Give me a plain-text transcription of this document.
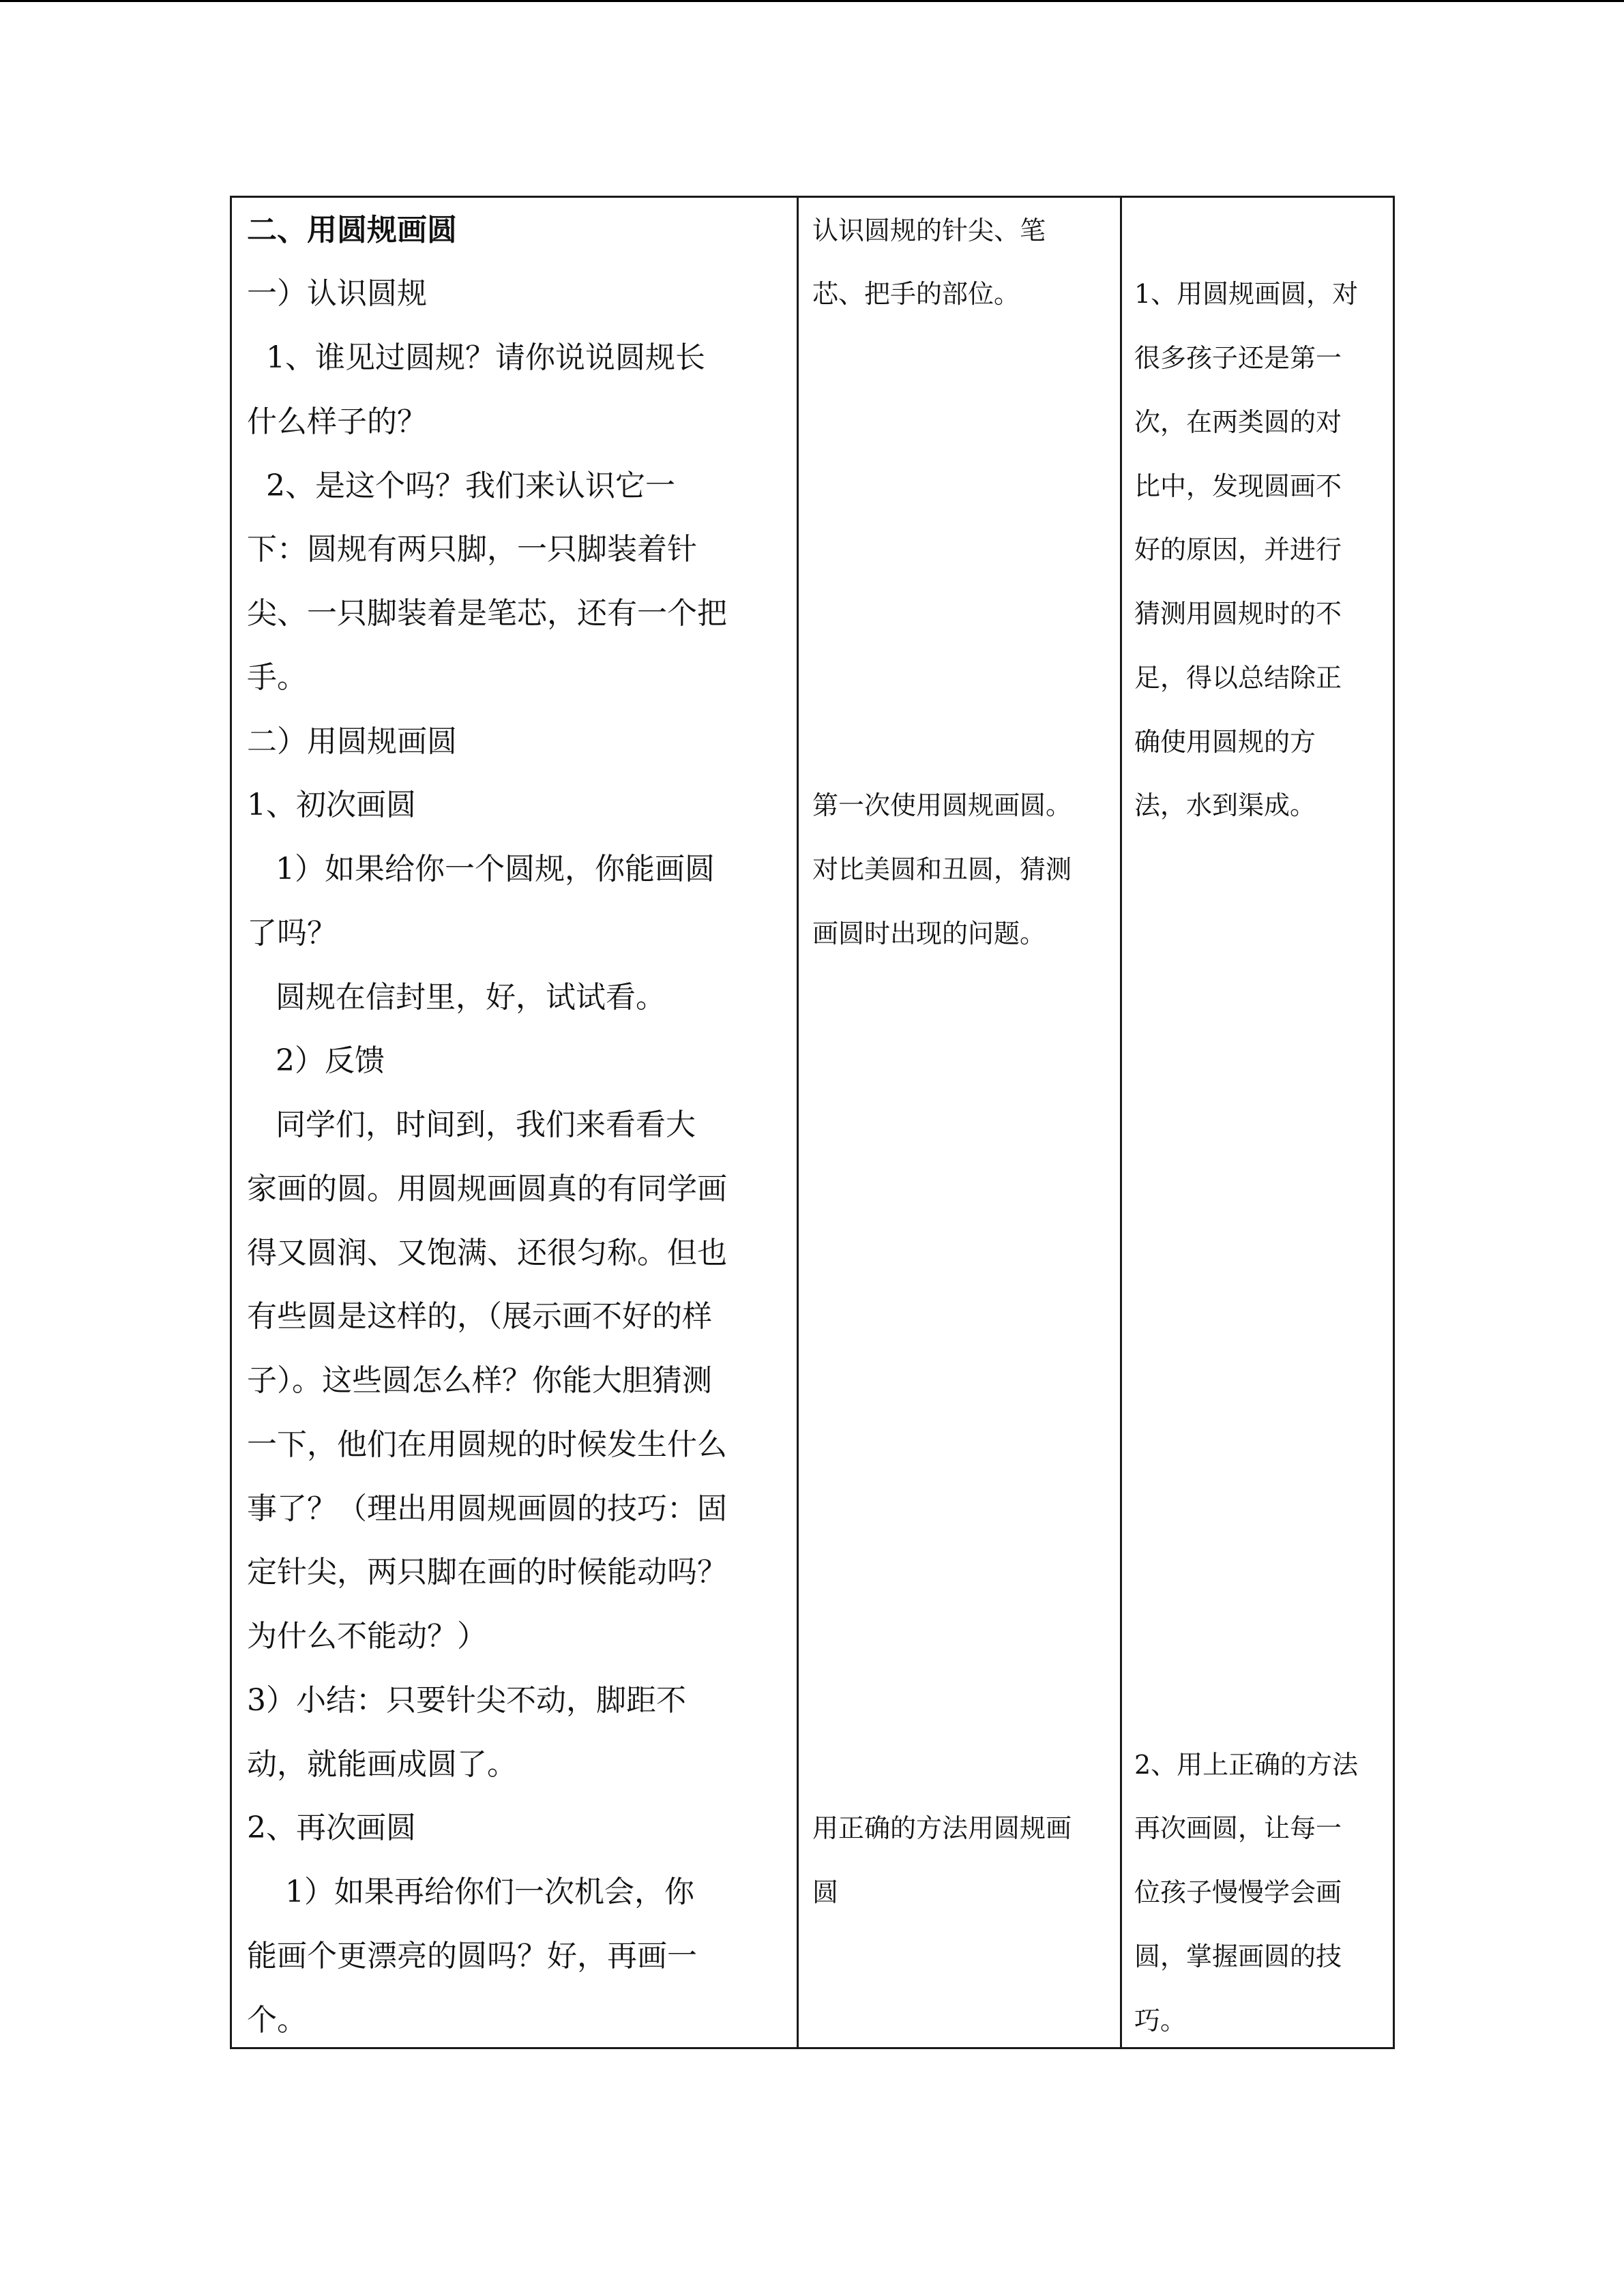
二、用圆规画圆
一）认识圆规
1、谁见过圆规？请你说说圆规长
什么样子的？
2、是这个吗？我们来认识它一
下：圆规有两只脚，一只脚装着针
尖、一只脚装着是笔芯，还有一个把
手。
二）用圆规画圆
1、初次画圆
1）如果给你一个圆规，你能画圆
了吗？
圆规在信封里，好，试试看。
2）反馈
同学们，时间到，我们来看看大
家画的圆。用圆规画圆真的有同学画
得又圆润、又饱满、还很匀称。但也
有些圆是这样的，（展示画不好的样
子）。这些圆怎么样？你能大胆猜测
一下，他们在用圆规的时候发生什么
事了？（理出用圆规画圆的技巧：固
定针尖，两只脚在画的时候能动吗？
为什么不能动？）
3）小结：只要针尖不动，脚距不
动，就能画成圆了。
2、再次画圆
1）如果再给你们一次机会，你
能画个更漂亮的圆吗？好，再画一
个。
认识圆规的针尖、笔
芯、把手的部位。
第一次使用圆规画圆。
对比美圆和丑圆，猜测
画圆时出现的问题。
用正确的方法用圆规画
圆
1、用圆规画圆，对
很多孩子还是第一
次，在两类圆的对
比中，发现圆画不
好的原因，并进行
猜测用圆规时的不
足，得以总结除正
确使用圆规的方
法，水到渠成。
2、用上正确的方法
再次画圆，让每一
位孩子慢慢学会画
圆，掌握画圆的技
巧。
